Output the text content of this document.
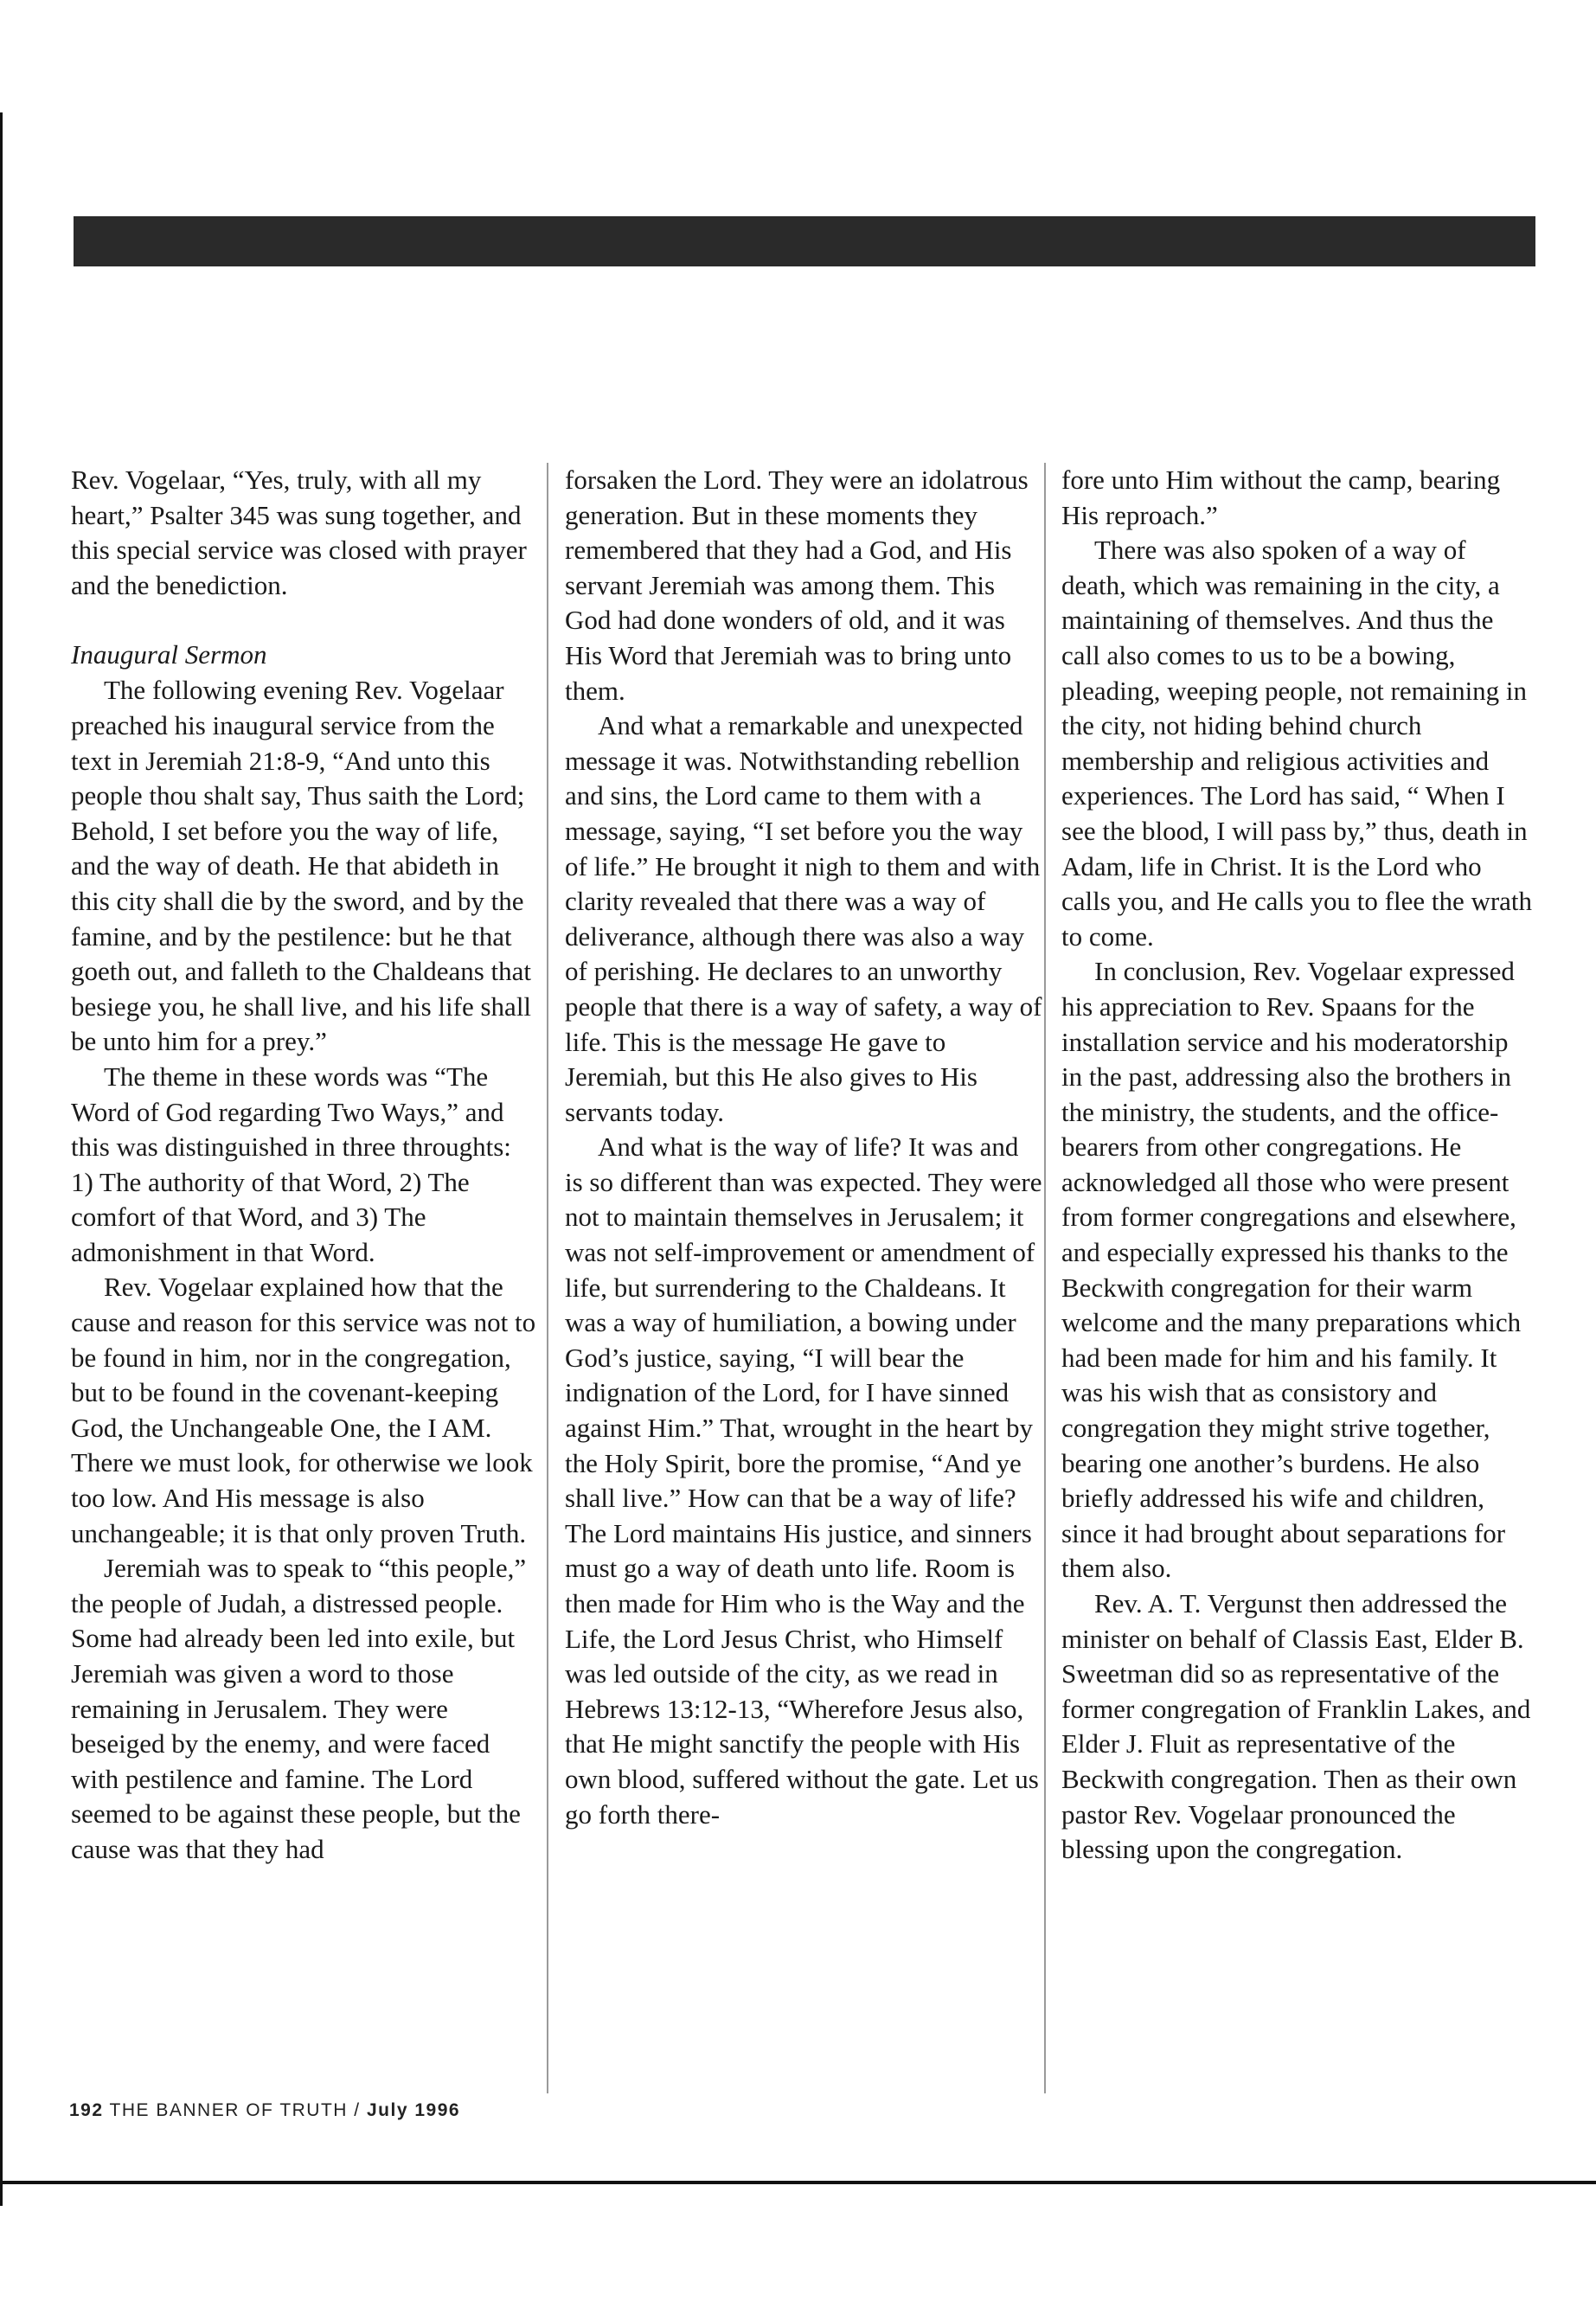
Rev. Vogelaar, “Yes, truly, with all my heart,” Psalter 345 was sung together, and this special service was closed with prayer and the benediction.

Inaugural Sermon

The following evening Rev. Vogelaar preached his inaugural service from the text in Jeremiah 21:8-9, “And unto this people thou shalt say, Thus saith the Lord; Behold, I set before you the way of life, and the way of death. He that abideth in this city shall die by the sword, and by the famine, and by the pestilence: but he that goeth out, and falleth to the Chaldeans that besiege you, he shall live, and his life shall be unto him for a prey.”

The theme in these words was “The Word of God regarding Two Ways,” and this was distinguished in three throughts: 1) The authority of that Word, 2) The comfort of that Word, and 3) The admonishment in that Word.

Rev. Vogelaar explained how that the cause and reason for this service was not to be found in him, nor in the congregation, but to be found in the covenant-keeping God, the Unchangeable One, the I AM. There we must look, for otherwise we look too low. And His message is also unchangeable; it is that only proven Truth.

Jeremiah was to speak to “this people,” the people of Judah, a distressed people. Some had already been led into exile, but Jeremiah was given a word to those remaining in Jerusalem. They were beseiged by the enemy, and were faced with pestilence and famine. The Lord seemed to be against these people, but the cause was that they had

forsaken the Lord. They were an idolatrous generation. But in these moments they remembered that they had a God, and His servant Jeremiah was among them. This God had done wonders of old, and it was His Word that Jeremiah was to bring unto them.

And what a remarkable and unexpected message it was. Notwithstanding rebellion and sins, the Lord came to them with a message, saying, “I set before you the way of life.” He brought it nigh to them and with clarity revealed that there was a way of deliverance, although there was also a way of perishing. He declares to an unworthy people that there is a way of safety, a way of life. This is the message He gave to Jeremiah, but this He also gives to His servants today.

And what is the way of life? It was and is so different than was expected. They were not to maintain themselves in Jerusalem; it was not self-improvement or amendment of life, but surrendering to the Chaldeans. It was a way of humiliation, a bowing under God’s justice, saying, “I will bear the indignation of the Lord, for I have sinned against Him.” That, wrought in the heart by the Holy Spirit, bore the promise, “And ye shall live.” How can that be a way of life? The Lord maintains His justice, and sinners must go a way of death unto life. Room is then made for Him who is the Way and the Life, the Lord Jesus Christ, who Himself was led outside of the city, as we read in Hebrews 13:12-13, “Wherefore Jesus also, that He might sanctify the people with His own blood, suffered without the gate. Let us go forth there-

fore unto Him without the camp, bearing His reproach.”

There was also spoken of a way of death, which was remaining in the city, a maintaining of themselves. And thus the call also comes to us to be a bowing, pleading, weeping people, not remaining in the city, not hiding behind church membership and religious activities and experiences. The Lord has said, “ When I see the blood, I will pass by,” thus, death in Adam, life in Christ. It is the Lord who calls you, and He calls you to flee the wrath to come.

In conclusion, Rev. Vogelaar expressed his appreciation to Rev. Spaans for the installation service and his moderatorship in the past, addressing also the brothers in the ministry, the students, and the office-bearers from other congregations. He acknowledged all those who were present from former congregations and elsewhere, and especially expressed his thanks to the Beckwith congregation for their warm welcome and the many preparations which had been made for him and his family. It was his wish that as consistory and congregation they might strive together, bearing one another’s burdens. He also briefly addressed his wife and children, since it had brought about separations for them also.

Rev. A. T. Vergunst then addressed the minister on behalf of Classis East, Elder B. Sweetman did so as representative of the former congregation of Franklin Lakes, and Elder J. Fluit as representative of the Beckwith congregation. Then as their own pastor Rev. Vogelaar pronounced the blessing upon the congregation.

192 THE BANNER OF TRUTH / July 1996
